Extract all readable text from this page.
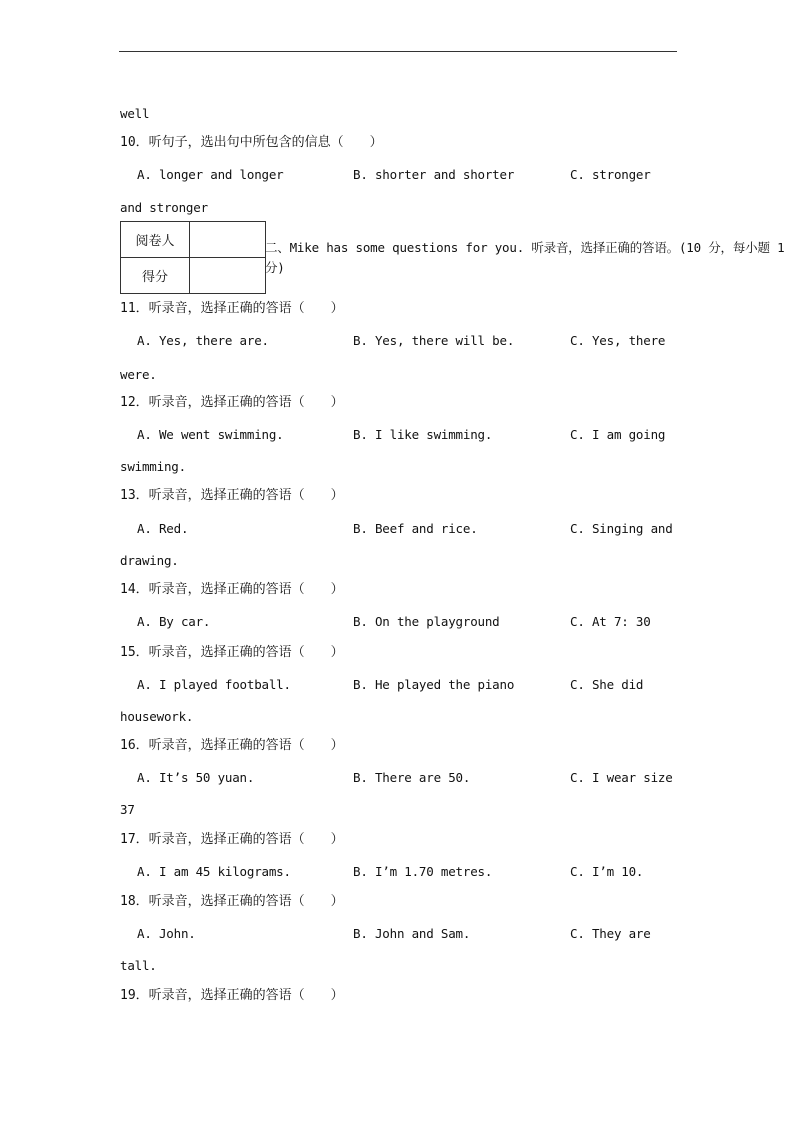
well
10．听句子，选出句中所包含的信息（　　）
A. longer and longer	B. shorter and shorter	C. stronger
and stronger
阅卷人	
得分	
二、Mike has some questions for you. 听录音，选择正确的答语。(10 分，每小题 1 分)
11．听录音，选择正确的答语（　　）
A. Yes, there are.	B. Yes, there will be.	C. Yes, there
were.
12．听录音，选择正确的答语（　　）
A. We went swimming.	B. I like swimming.	C. I am going
swimming.
13．听录音，选择正确的答语（　　）
A. Red.	B. Beef and rice.	C. Singing and
drawing.
14．听录音，选择正确的答语（　　）
A. By car.	B. On the playground	C. At 7: 30
15．听录音，选择正确的答语（　　）
A. I played football.	B. He played the piano	C. She did
housework.
16．听录音，选择正确的答语（　　）
A. It’s 50 yuan.	B. There are 50.	C. I wear size
37
17．听录音，选择正确的答语（　　）
A. I am 45 kilograms.	B. I’m 1.70 metres.	C. I’m 10.
18．听录音，选择正确的答语（　　）
A. John.	B. John and Sam.	C. They are
tall.
19．听录音，选择正确的答语（　　）
